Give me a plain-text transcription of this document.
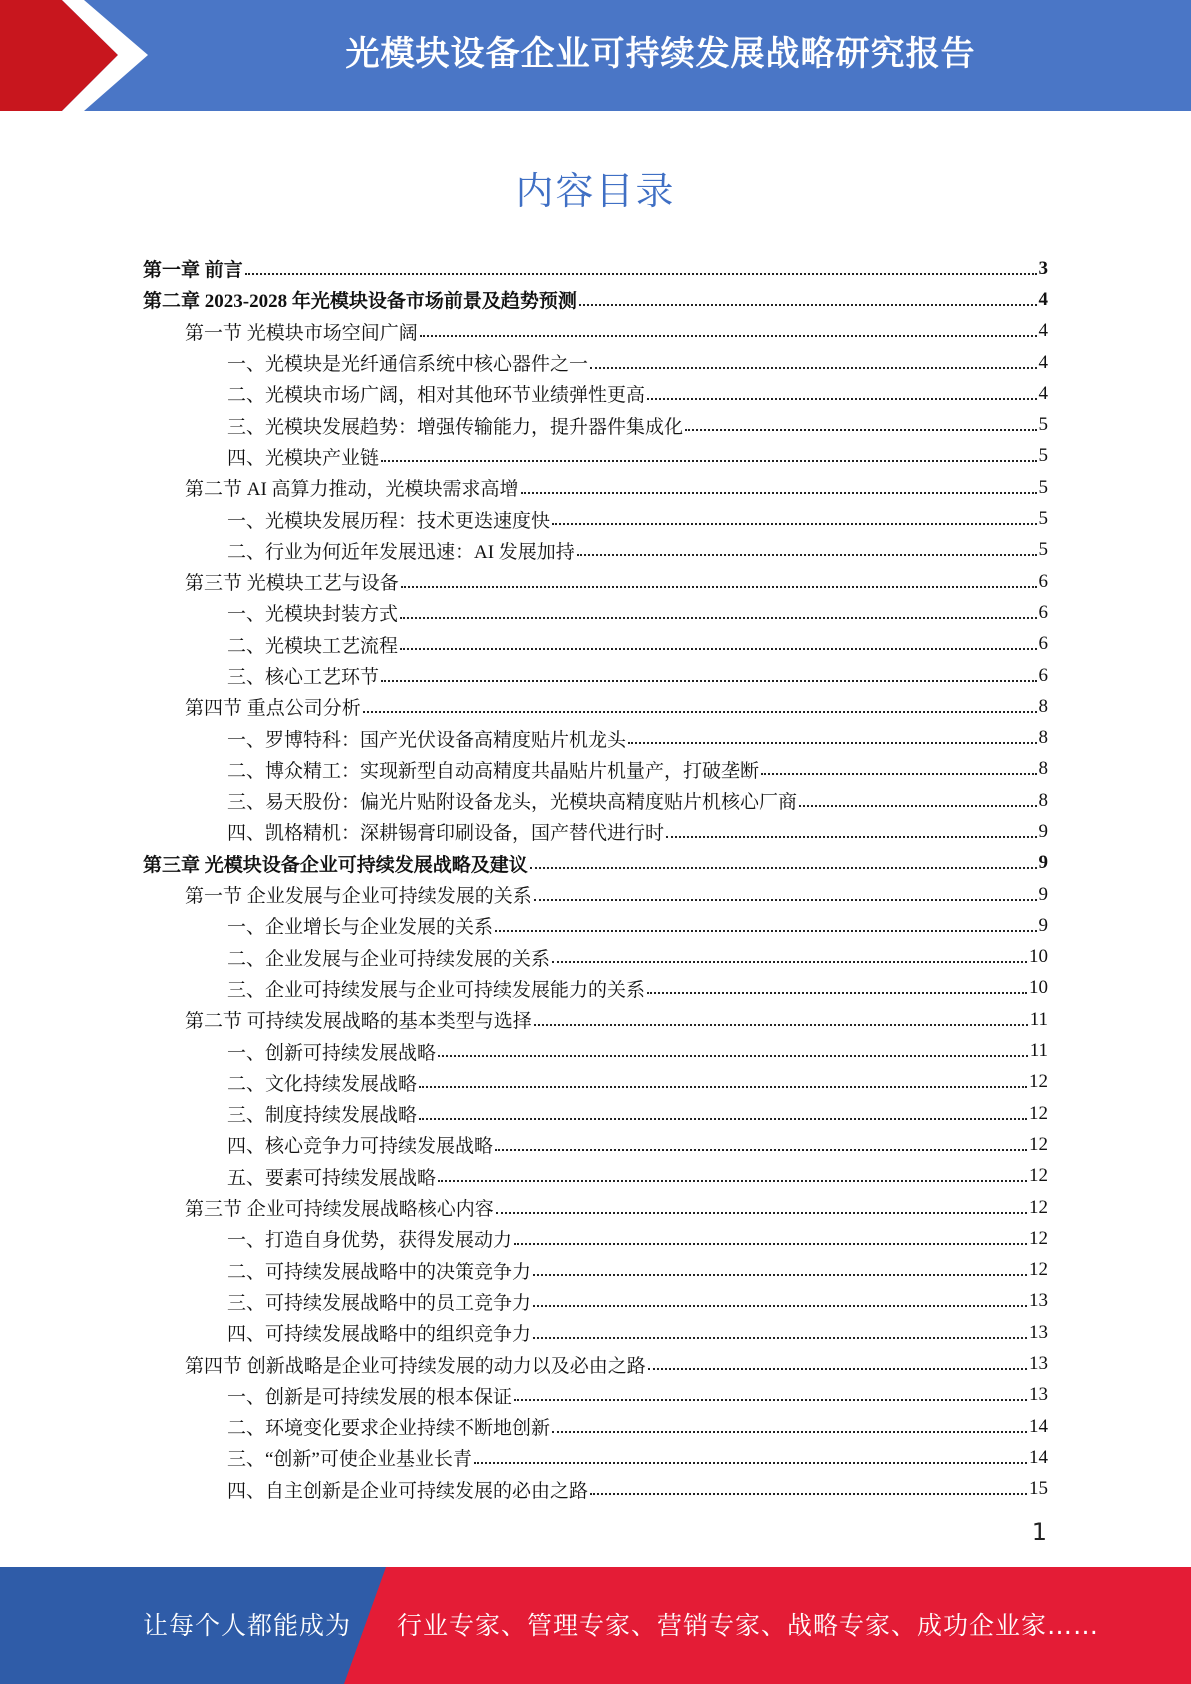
光模块设备企业可持续发展战略研究报告
内容目录
第一章 前言	3
第二章 2023-2028 年光模块设备市场前景及趋势预测	4
第一节 光模块市场空间广阔	4
一、光模块是光纤通信系统中核心器件之一	4
二、光模块市场广阔，相对其他环节业绩弹性更高	4
三、光模块发展趋势：增强传输能力，提升器件集成化	5
四、光模块产业链	5
第二节 AI 高算力推动，光模块需求高增	5
一、光模块发展历程：技术更迭速度快	5
二、行业为何近年发展迅速：AI 发展加持	5
第三节 光模块工艺与设备	6
一、光模块封装方式	6
二、光模块工艺流程	6
三、核心工艺环节	6
第四节 重点公司分析	8
一、罗博特科：国产光伏设备高精度贴片机龙头	8
二、博众精工：实现新型自动高精度共晶贴片机量产，打破垄断	8
三、易天股份：偏光片贴附设备龙头，光模块高精度贴片机核心厂商	8
四、凯格精机：深耕锡膏印刷设备，国产替代进行时	9
第三章 光模块设备企业可持续发展战略及建议	9
第一节 企业发展与企业可持续发展的关系	9
一、企业增长与企业发展的关系	9
二、企业发展与企业可持续发展的关系	10
三、企业可持续发展与企业可持续发展能力的关系	10
第二节 可持续发展战略的基本类型与选择	11
一、创新可持续发展战略	11
二、文化持续发展战略	12
三、制度持续发展战略	12
四、核心竞争力可持续发展战略	12
五、要素可持续发展战略	12
第三节 企业可持续发展战略核心内容	12
一、打造自身优势，获得发展动力	12
二、可持续发展战略中的决策竞争力	12
三、可持续发展战略中的员工竞争力	13
四、可持续发展战略中的组织竞争力	13
第四节 创新战略是企业可持续发展的动力以及必由之路	13
一、创新是可持续发展的根本保证	13
二、环境变化要求企业持续不断地创新	14
三、“创新”可使企业基业长青	14
四、自主创新是企业可持续发展的必由之路	15
1
让每个人都能成为 行业专家、管理专家、营销专家、战略专家、成功企业家……
